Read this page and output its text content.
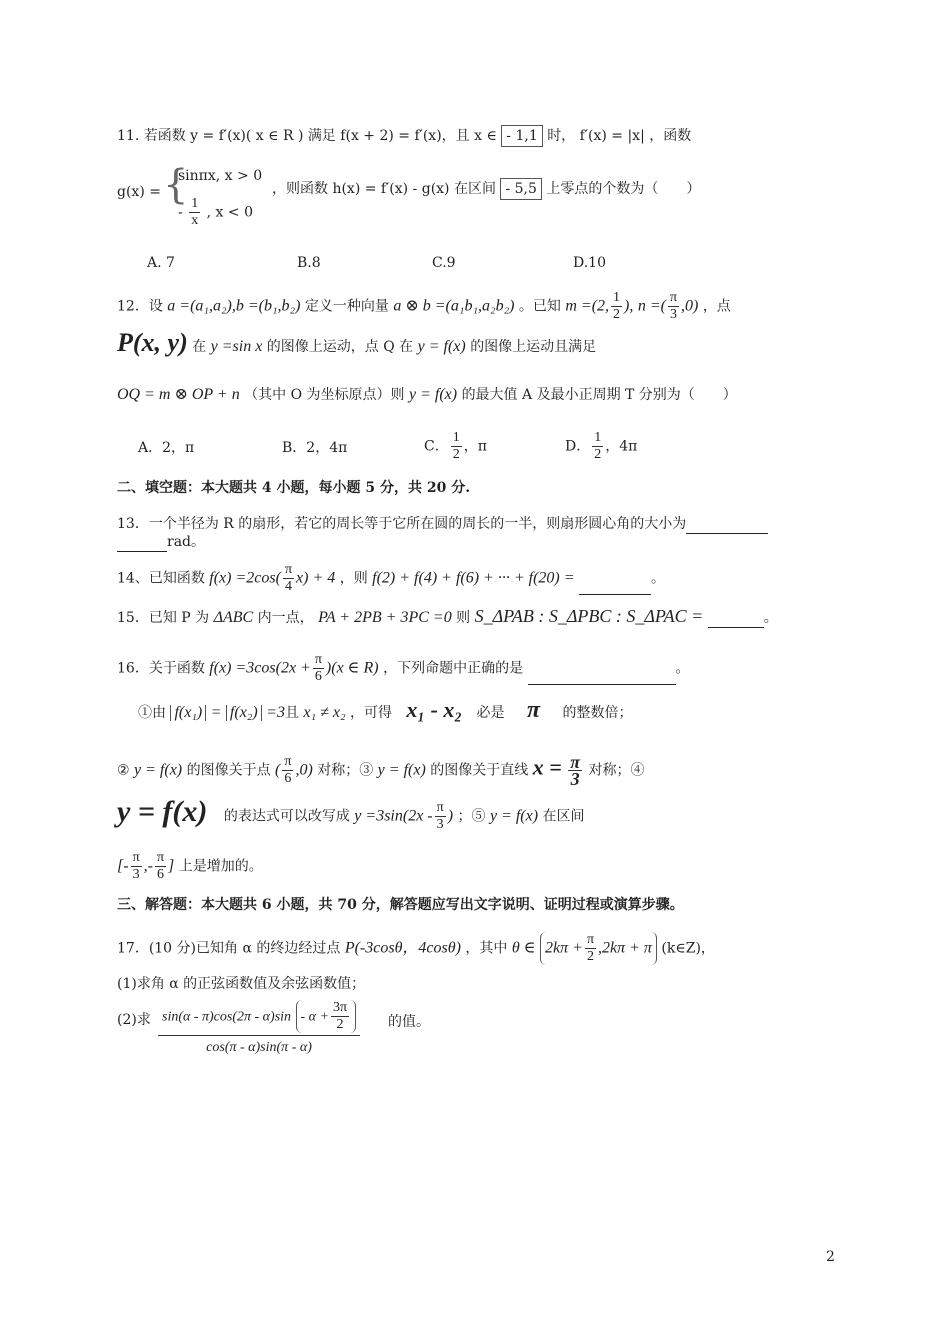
11. 若函数 y = f′(x)( x ∈ R ) 满足 f(x + 2) = f′(x)，且 x ∈ - 1,1 时， f′(x) = |x| ，函数
g(x) = {
sinπx, x > 0
- $\frac{1}{x}$ , x < 0
，则函数 h(x) = f′(x) - g(x) 在区间 - 5,5 上零点的个数为（　　）
A. 7	B.8	C.9	D.10
12．设 a =(a₁,a₂),b =(b₁,b₂) 定义一种向量 a ⊗ b =(a₁b₁,a₂b₂) 。已知 m =(2, $\frac{1}{2}$ ), n =( $\frac{\pi}{3} ,0$) ，点
P(x, y) 在 y =sin x 的图像上运动，点 Q 在 y = f(x) 的图像上运动且满足
OQ = m ⊗ OP + n （其中 O 为坐标原点）则 y = f(x) 的最大值 A 及最小正周期 T 分别为（　　）
A．2，π	B．2，4π	C． $\frac{1}{2}$ ，π	D． $\frac{1}{2}$ ，4π
二、填空题：本大题共 4 小题，每小题 5 分，共 20 分.
13．一个半径为 R 的扇形，若它的周长等于它所在圆的周长的一半，则扇形圆心角的大小为
rad。
14、已知函数 $f(x) =2\cos( \frac{\pi}{4} x) + 4$ ，则 f(2) + f(4) + f(6) + ··· + f(20) =	。
15．已知 P 为 ΔABC 内一点， PA + 2PB + 3PC =0 则 S_ΔPAB : S_ΔPBC : S_ΔPAC =	。
16．关于函数 $f(x) =3\cos(2x + \frac{\pi}{6} )(x$ ∈ R) ，下列命题中正确的是	。
①由 f(x₁) = f(x₂) =3且 x₁ ≠ x₂ ，可得 x₁ - x₂ 必是 π 的整数倍；
② y = f(x) 的图像关于点 ( $\frac{\pi}{6} ,0$) 对称；③ y = f(x) 的图像关于直线 $x = \frac{\pi}{3}$ 对称；④
y = f(x) 的表达式可以改写成 $y =3\sin(2x - \frac{\pi}{3}$ ) ；⑤ y = f(x) 在区间
[- $\frac{\pi}{3}$ ,- $\frac{\pi}{6}$ ] 上是增加的。
三、解答题：本大题共 6 小题，共 70 分，解答题应写出文字说明、证明过程或演算步骤。
17．(10 分)已知角 α 的终边经过点 P(-3cosθ，4cosθ) ，其中 θ ∈ $2k\pi + \frac{\pi}{2} ,2k\pi + \pi$ (k∈Z)，
(1)求角 α 的正弦函数值及余弦函数值；
(2)求 $\frac{\sin(\alpha - \pi)\cos(2\pi - \alpha)\sin - \alpha + \frac{3\pi}{2}}{\cos(\pi - \alpha)\sin(\pi - \alpha)}$ 的值。
2
